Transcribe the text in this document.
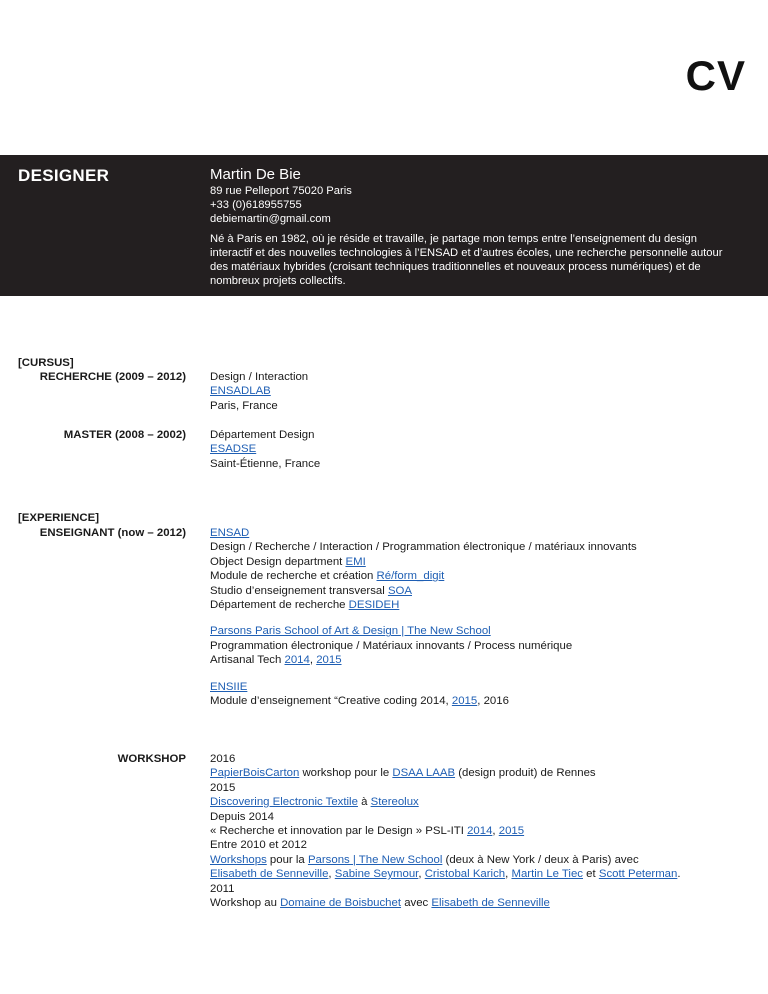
CV
DESIGNER	Martin De Bie
89 rue Pelleport 75020 Paris
+33 (0)618955755
debiemartin@gmail.com
Né à Paris en 1982, où je réside et travaille, je partage mon temps entre l’enseignement du design interactif et des nouvelles technologies à l’ENSAD et d’autres écoles, une recherche personnelle autour des matériaux hybrides (croisant techniques traditionnelles et nouveaux process numériques) et de nombreux projets collectifs.
[CURSUS]
RECHERCHE (2009 – 2012) Design / Interaction
ENSADLAB
Paris, France
MASTER (2008 – 2002) Département Design
ESADSE
Saint-Étienne, France
[EXPERIENCE]
ENSEIGNANT (now – 2012) ENSAD
Design / Recherche / Interaction / Programmation électronique / matériaux innovants
Object Design department EMI
Module de recherche et création Ré/form_digit
Studio d’enseignement transversal SOA
Département de recherche DESIDEH
Parsons Paris School of Art & Design | The New School
Programmation électronique / Matériaux innovants / Process numérique
Artisanal Tech 2014, 2015
ENSIIE
Module d’enseignement “Creative coding 2014, 2015, 2016
WORKSHOP 2016
PapierBoisCarton workshop pour le DSAA LAAB (design produit) de Rennes
2015
Discovering Electronic Textile à Stereolux
Depuis 2014
« Recherche et innovation par le Design » PSL-ITI 2014, 2015
Entre 2010 et 2012
Workshops pour la Parsons | The New School (deux à New York / deux à Paris) avec
Elisabeth de Senneville, Sabine Seymour, Cristobal Karich, Martin Le Tiec et Scott Peterman.
2011
Workshop au Domaine de Boisbuchet avec Elisabeth de Senneville
